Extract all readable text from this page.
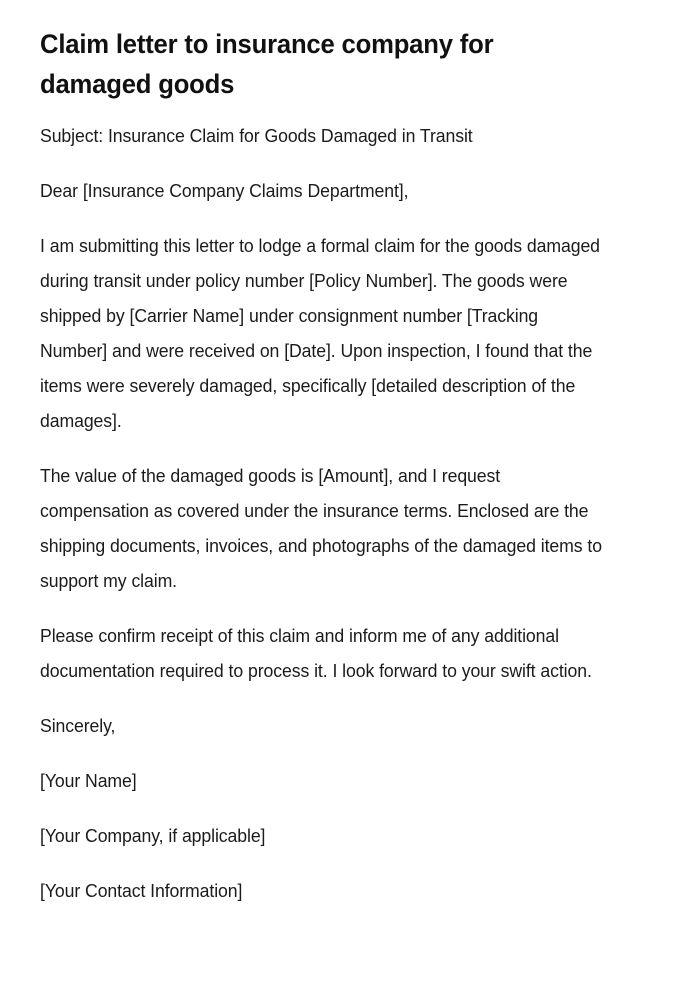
Claim letter to insurance company for damaged goods

Subject: Insurance Claim for Goods Damaged in Transit

Dear [Insurance Company Claims Department],

I am submitting this letter to lodge a formal claim for the goods damaged during transit under policy number [Policy Number]. The goods were shipped by [Carrier Name] under consignment number [Tracking Number] and were received on [Date]. Upon inspection, I found that the items were severely damaged, specifically [detailed description of the damages].

The value of the damaged goods is [Amount], and I request compensation as covered under the insurance terms. Enclosed are the shipping documents, invoices, and photographs of the damaged items to support my claim.

Please confirm receipt of this claim and inform me of any additional documentation required to process it. I look forward to your swift action.

Sincerely,

[Your Name]

[Your Company, if applicable]

[Your Contact Information]
